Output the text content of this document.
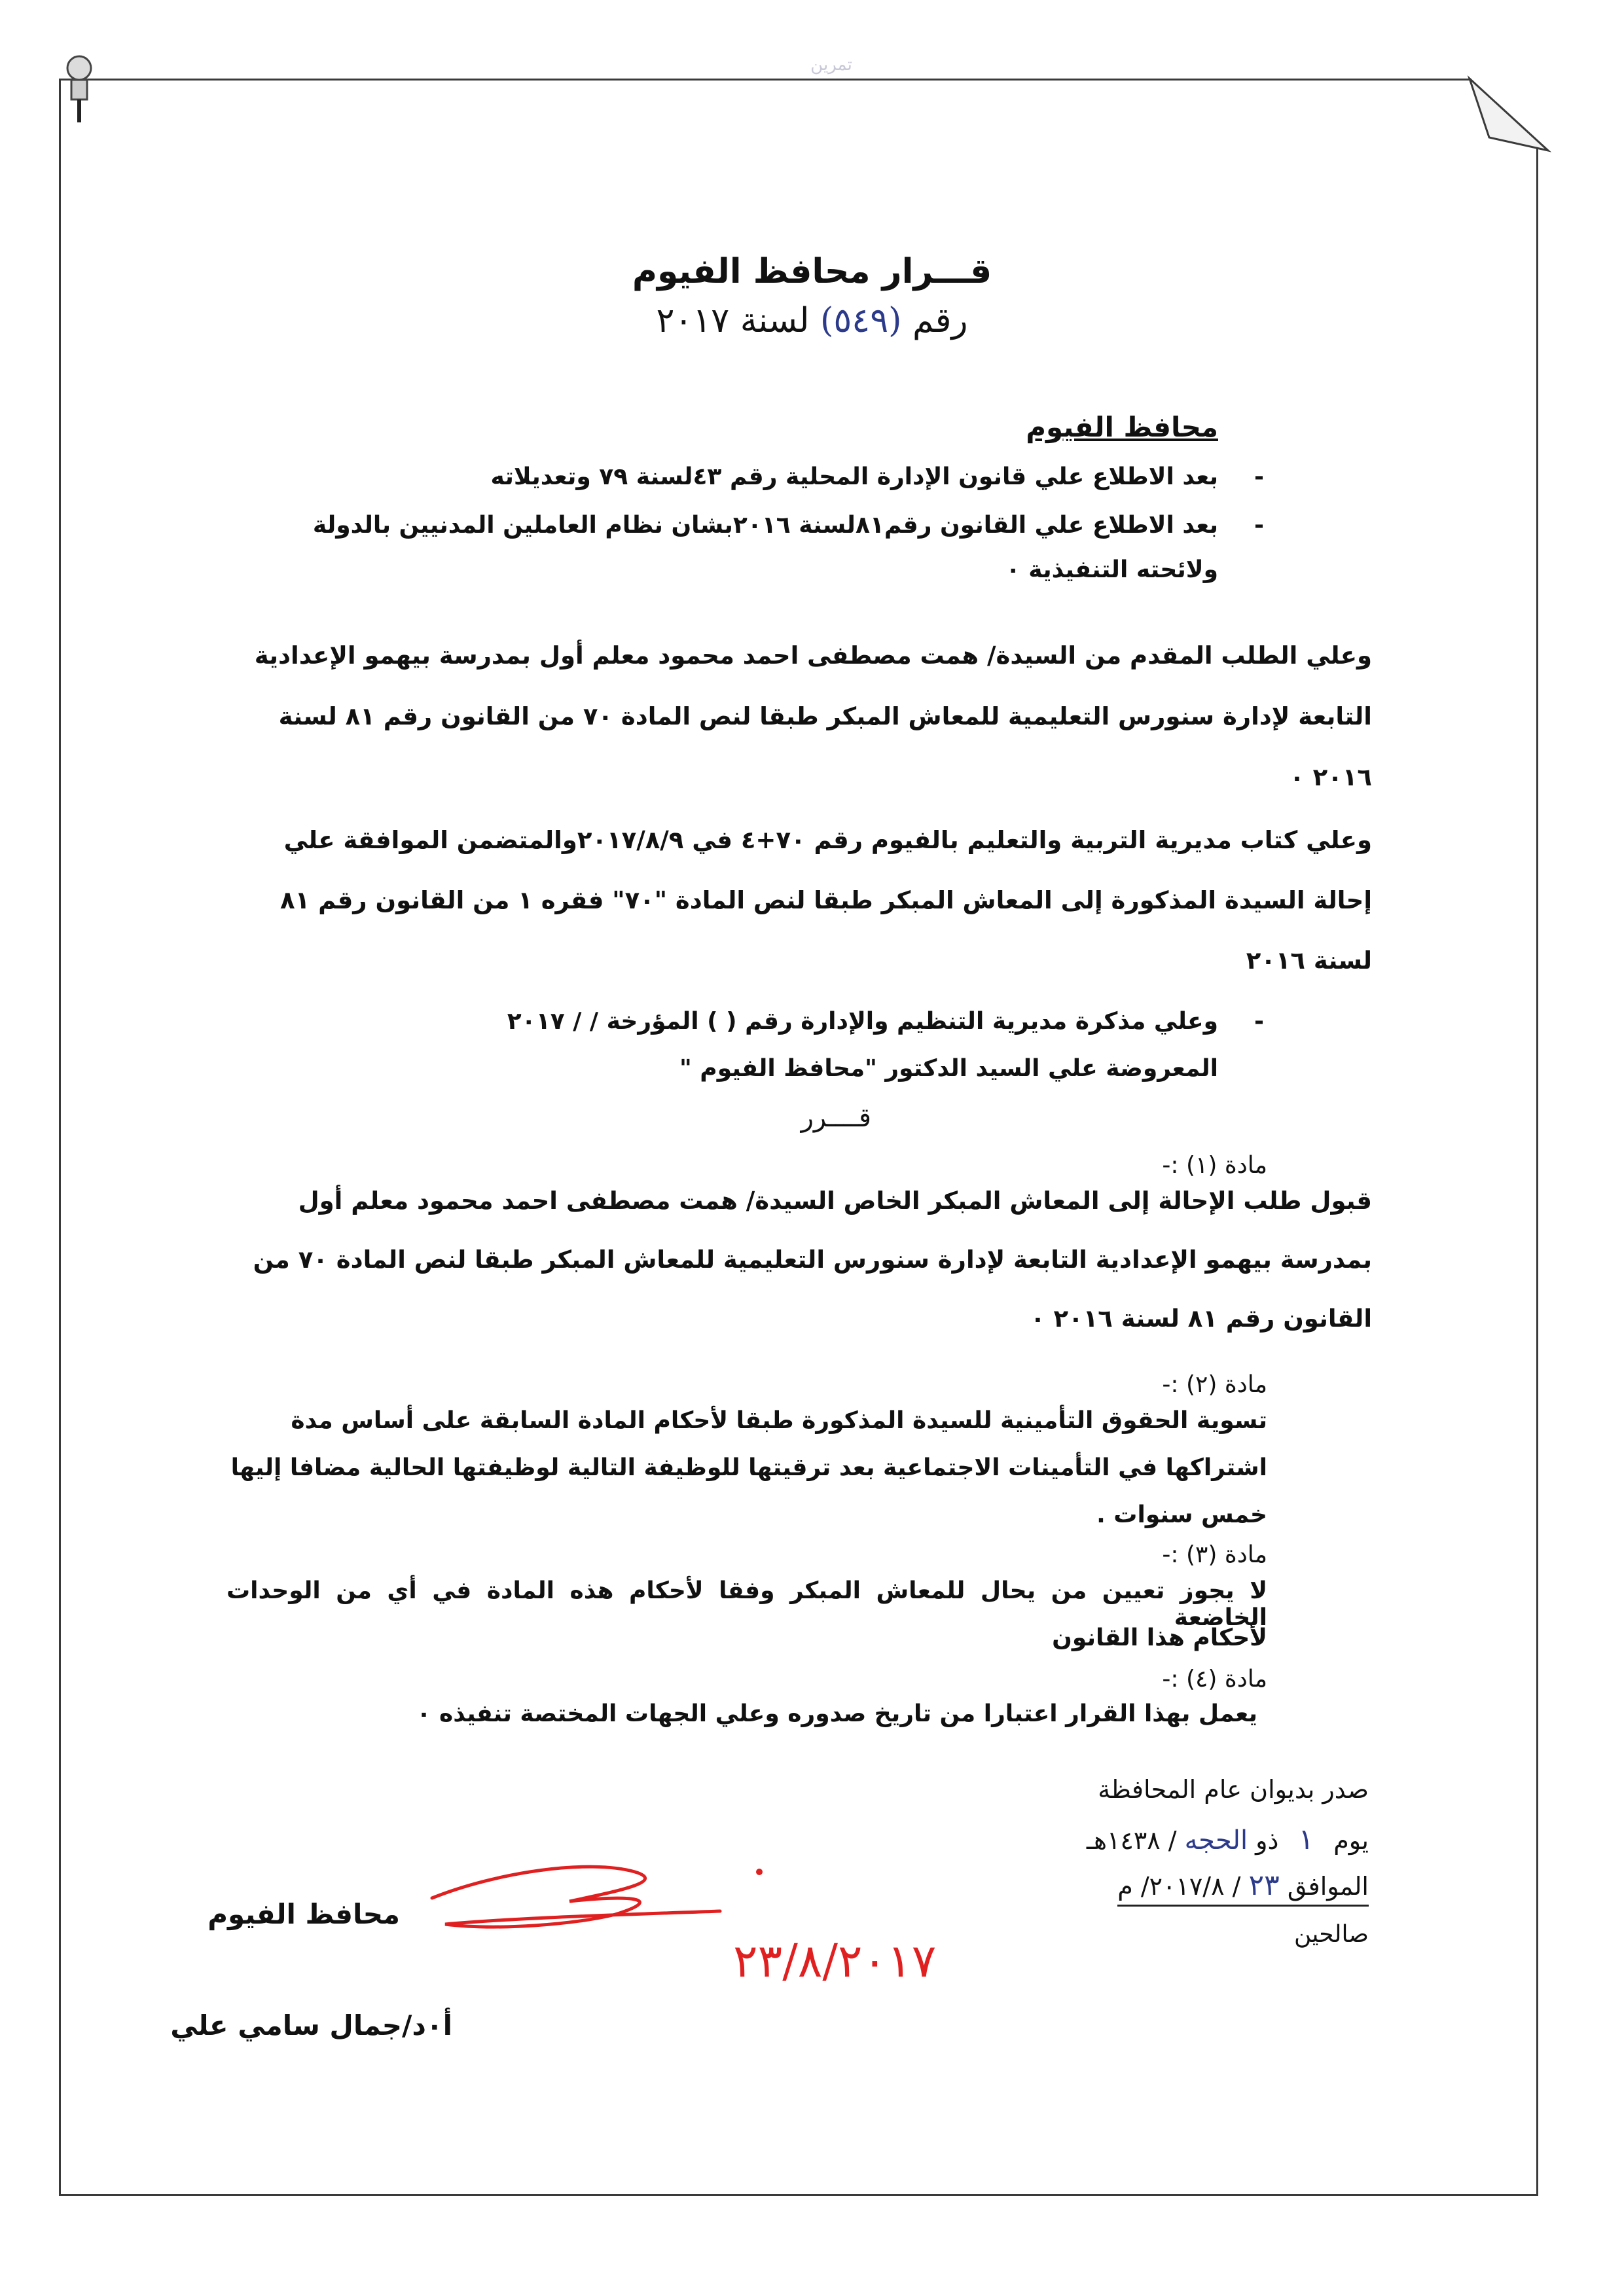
تمرين
قـــرار محافظ الفيوم
رقم (٥٤٩) لسنة ٢٠١٧
محافظ الفيوم
- بعد الاطلاع علي قانون الإدارة المحلية رقم ٤٣لسنة ٧٩ وتعديلاته
- بعد الاطلاع علي القانون رقم٨١لسنة ٢٠١٦بشان نظام العاملين المدنيين بالدولة
ولائحته التنفيذية ٠
وعلي الطلب المقدم من السيدة/ همت مصطفى احمد محمود معلم أول بمدرسة بيهمو الإعدادية
التابعة لإدارة سنورس التعليمية للمعاش المبكر طبقا لنص المادة ٧٠ من القانون رقم ٨١ لسنة
٢٠١٦ ٠
وعلي كتاب مديرية التربية والتعليم بالفيوم رقم ٧٠+٤ في ٢٠١٧/٨/٩والمتضمن الموافقة علي
إحالة السيدة المذكورة إلى المعاش المبكر طبقا لنص المادة "٧٠" فقره ١ من القانون رقم ٨١
لسنة ٢٠١٦
- وعلي مذكرة مديرية التنظيم والإدارة رقم ( ) المؤرخة / / ٢٠١٧
المعروضة علي السيد الدكتور "محافظ الفيوم "
قــــرر
مادة (١) :-
قبول طلب الإحالة إلى المعاش المبكر الخاص السيدة/ همت مصطفى احمد محمود معلم أول
بمدرسة بيهمو الإعدادية التابعة لإدارة سنورس التعليمية للمعاش المبكر طبقا لنص المادة ٧٠ من
القانون رقم ٨١ لسنة ٢٠١٦ ٠
مادة (٢) :-
تسوية الحقوق التأمينية للسيدة المذكورة طبقا لأحكام المادة السابقة على أساس مدة
اشتراكها في التأمينات الاجتماعية بعد ترقيتها للوظيفة التالية لوظيفتها الحالية مضافا إليها
خمس سنوات .
مادة (٣) :-
لا يجوز تعيين من يحال للمعاش المبكر وفقا لأحكام هذه المادة في أي من الوحدات الخاضعة
لأحكام هذا القانون
مادة (٤) :-
يعمل بهذا القرار اعتبارا من تاريخ صدوره وعلي الجهات المختصة تنفيذه ٠
صدر بديوان عام المحافظة
يوم ١ ذو الحجه / ١٤٣٨هـ
الموافق ٢٣ / ٢٠١٧/٨/ م
صالحين
محافظ الفيوم
٢٣/٨/٢٠١٧
أ٠د/جمال سامي علي
